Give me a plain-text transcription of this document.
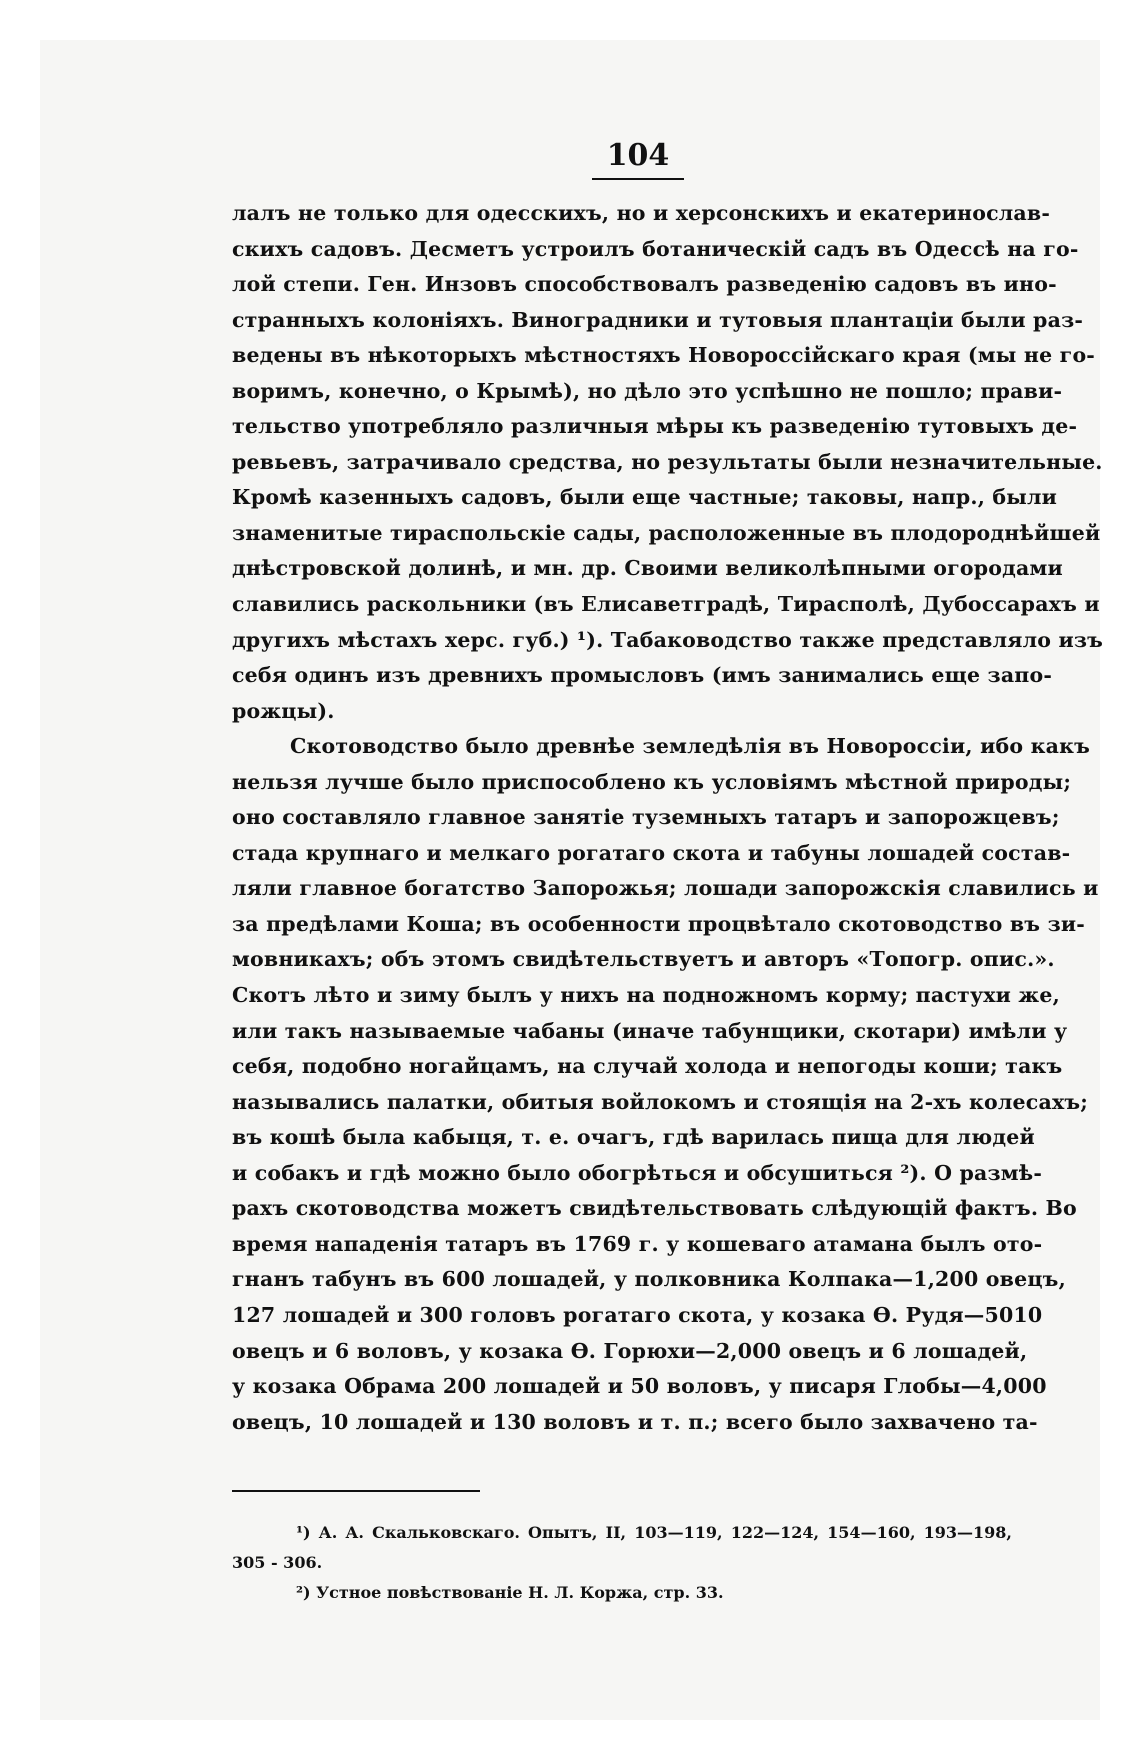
104
лалъ не только для одесскихъ, но и херсонскихъ и екатеринослав-
скихъ садовъ. Десметъ устроилъ ботаническій садъ въ Одессѣ на го-
лой степи. Ген. Инзовъ способствовалъ разведенію садовъ въ ино-
странныхъ колоніяхъ. Виноградники и тутовыя плантаціи были раз-
ведены въ нѣкоторыхъ мѣстностяхъ Новороссійскаго края (мы не го-
воримъ, конечно, о Крымѣ), но дѣло это успѣшно не пошло; прави-
тельство употребляло различныя мѣры къ разведенію тутовыхъ де-
ревьевъ, затрачивало средства, но результаты были незначительные.
Кромѣ казенныхъ садовъ, были еще частные; таковы, напр., были
знаменитые тираспольскіе сады, расположенные въ плодороднѣйшей
днѣстровской долинѣ, и мн. др. Своими великолѣпными огородами
славились раскольники (въ Елисаветградѣ, Тирасполѣ, Дубоссарахъ и
другихъ мѣстахъ херс. губ.) ¹). Табаководство также представляло изъ
себя одинъ изъ древнихъ промысловъ (имъ занимались еще запо-
рожцы).
Скотоводство было древнѣе земледѣлія въ Новороссіи, ибо какъ
нельзя лучше было приспособлено къ условіямъ мѣстной природы;
оно составляло главное занятіе туземныхъ татаръ и запорожцевъ;
стада крупнаго и мелкаго рогатаго скота и табуны лошадей состав-
ляли главное богатство Запорожья; лошади запорожскія славились и
за предѣлами Коша; въ особенности процвѣтало скотоводство въ зи-
мовникахъ; объ этомъ свидѣтельствуетъ и авторъ «Топогр. опис.».
Скотъ лѣто и зиму былъ у нихъ на подножномъ корму; пастухи же,
или такъ называемые чабаны (иначе табунщики, скотари) имѣли у
себя, подобно ногайцамъ, на случай холода и непогоды коши; такъ
назывались палатки, обитыя войлокомъ и стоящія на 2-хъ колесахъ;
въ кошѣ была кабыця, т. е. очагъ, гдѣ варилась пища для людей
и собакъ и гдѣ можно было обогрѣться и обсушиться ²). О размѣ-
рахъ скотоводства можетъ свидѣтельствовать слѣдующій фактъ. Во
время нападенія татаръ въ 1769 г. у кошеваго атамана былъ ото-
гнанъ табунъ въ 600 лошадей, у полковника Колпака—1,200 овецъ,
127 лошадей и 300 головъ рогатаго скота, у козака Ѳ. Рудя—5010
овецъ и 6 воловъ, у козака Ѳ. Горюхи—2,000 овецъ и 6 лошадей,
у козака Обрама 200 лошадей и 50 воловъ, у писаря Глобы—4,000
овецъ, 10 лошадей и 130 воловъ и т. п.; всего было захвачено та-
¹) А. А. Скальковскаго. Опытъ, II, 103—119, 122—124, 154—160, 193—198,
305 - 306.
²) Устное повѣствованіе Н. Л. Коржа, стр. 33.
